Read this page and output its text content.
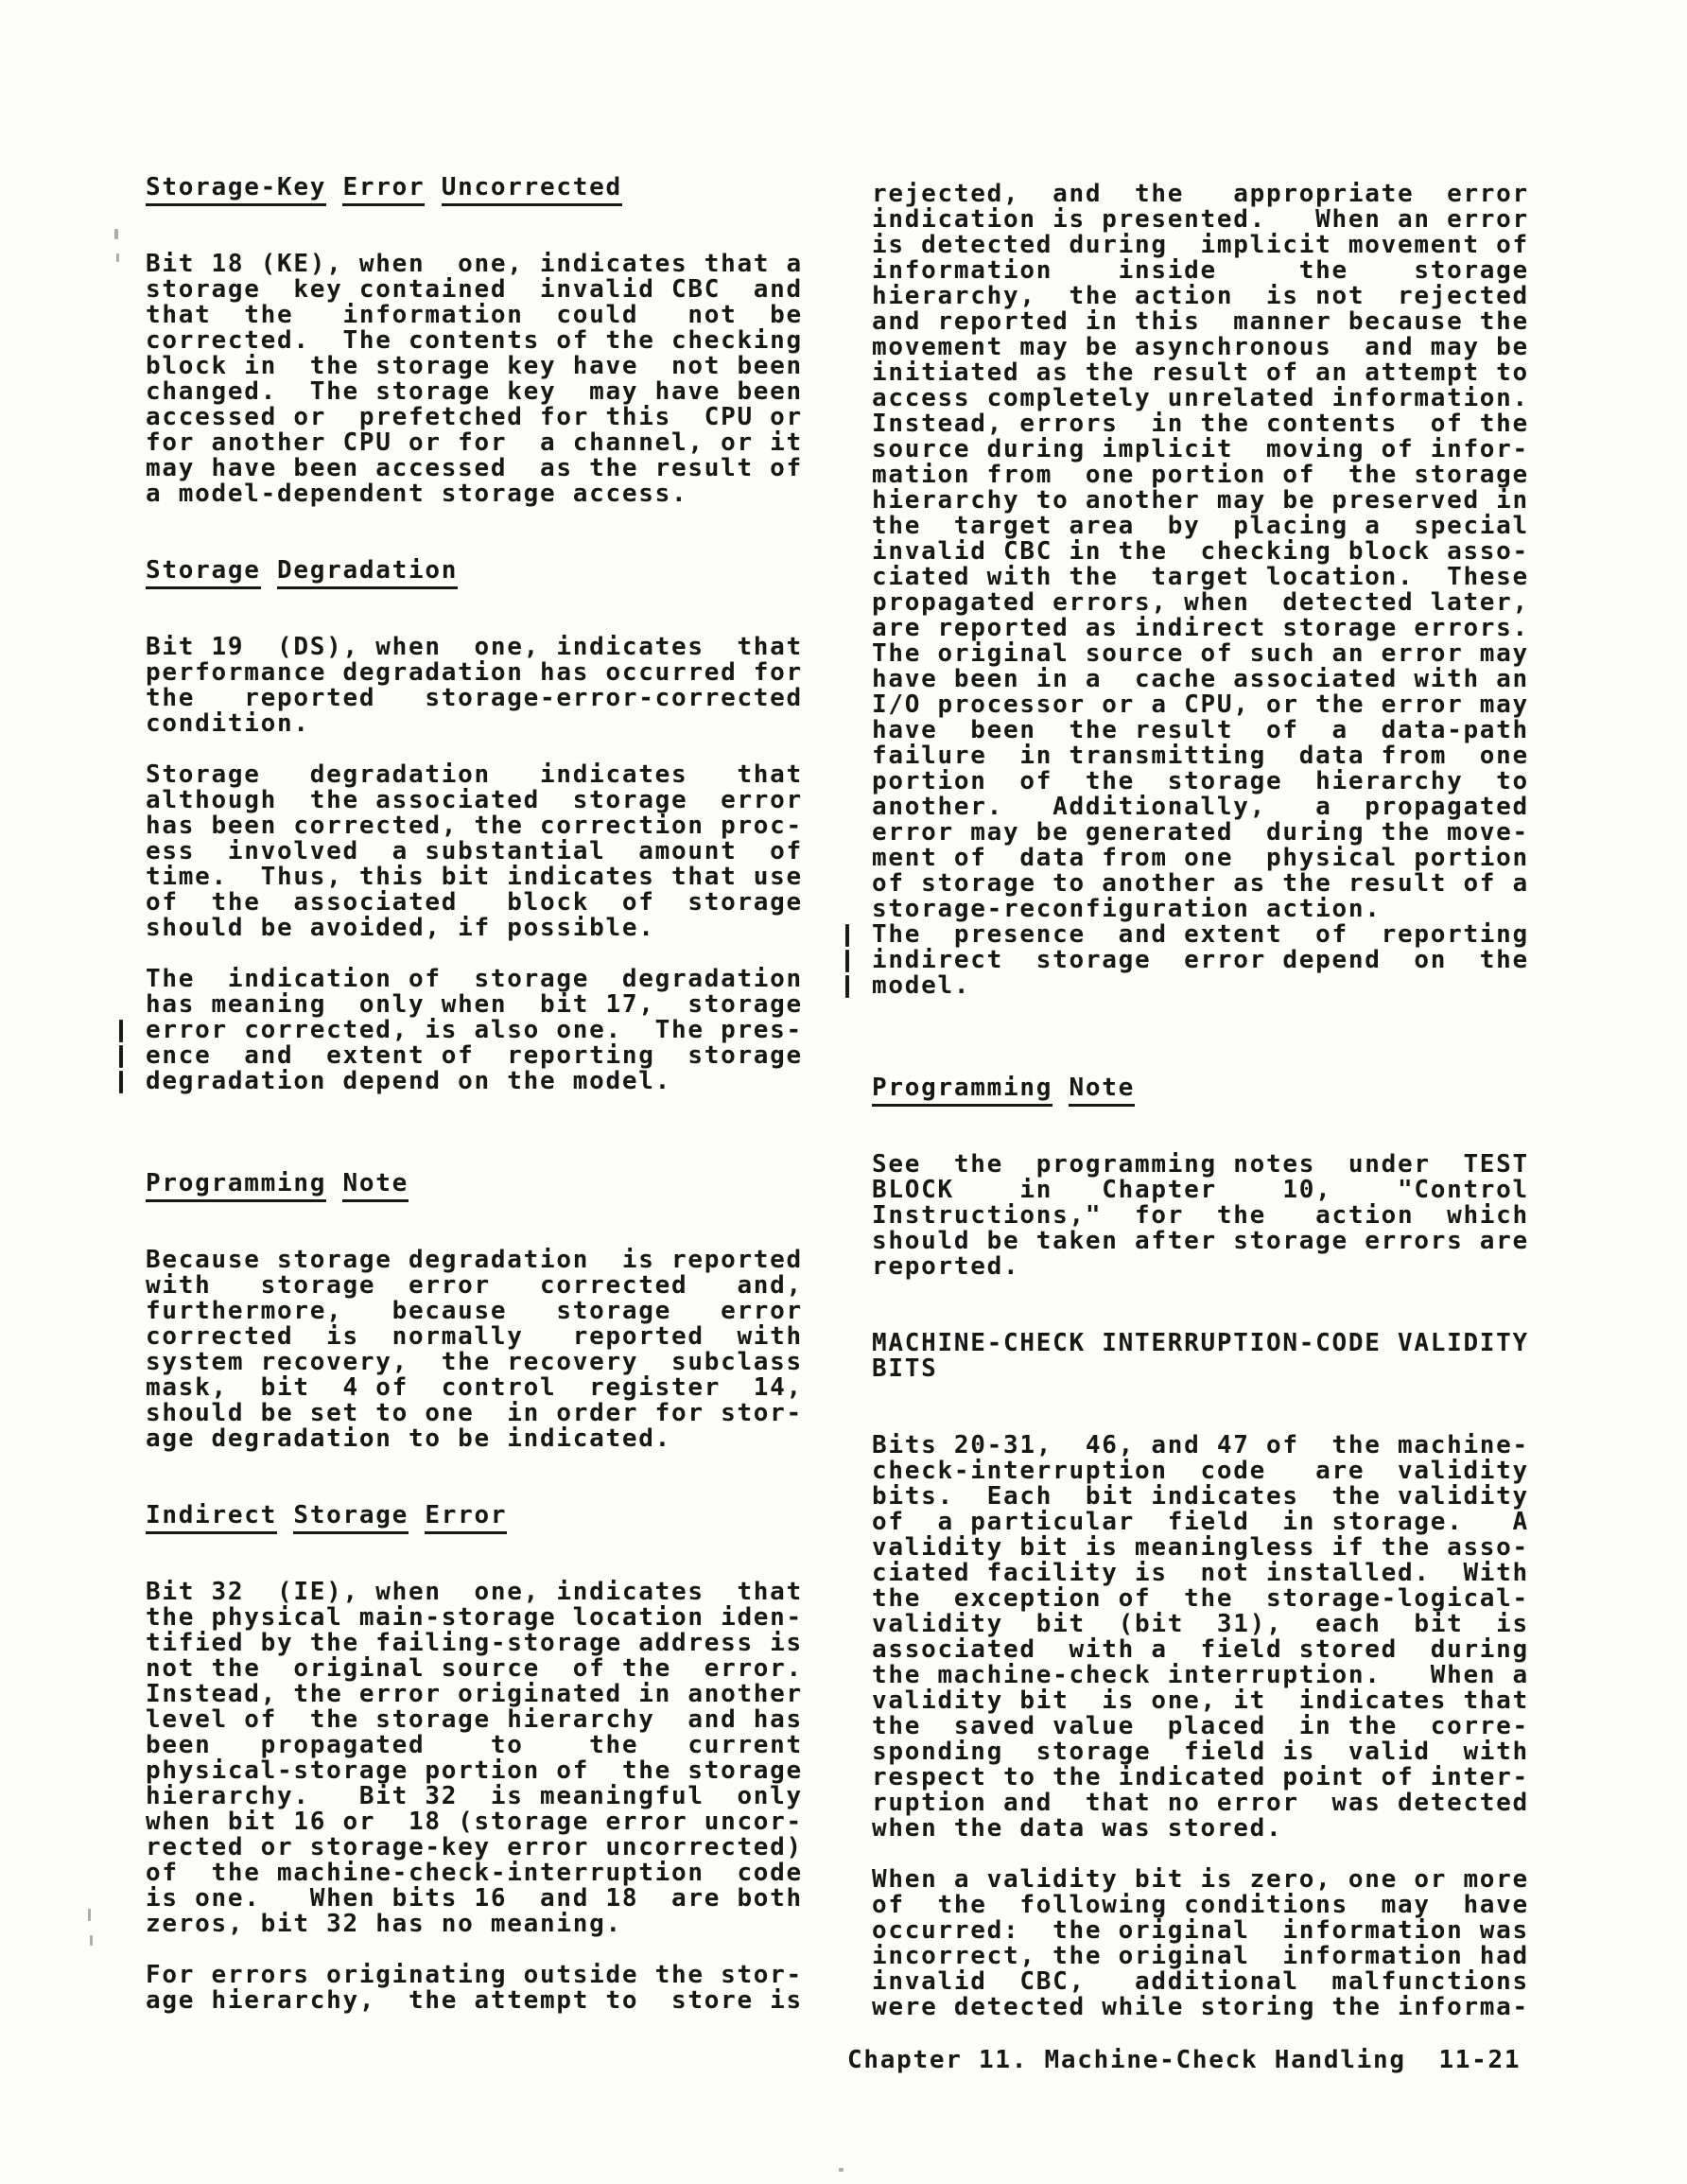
Storage-Key Error Uncorrected
Bit 18 (KE), when  one, indicates that a
storage  key contained  invalid CBC  and
that  the   information  could   not  be
corrected.  The contents of the checking
block in  the storage key have  not been
changed.  The storage key  may have been
accessed or  prefetched for this  CPU or
for another CPU or for  a channel, or it
may have been accessed  as the result of
a model-dependent storage access.
Storage Degradation
Bit 19  (DS), when  one, indicates  that
performance degradation has occurred for
the   reported   storage-error-corrected
condition.
Storage   degradation   indicates   that
although  the associated  storage  error
has been corrected, the correction proc-
ess  involved  a substantial  amount  of
time.  Thus, this bit indicates that use
of  the  associated   block  of  storage
should be avoided, if possible.
The  indication of  storage  degradation
has meaning  only when  bit 17,  storage
error corrected, is also one.  The pres-
ence  and  extent of  reporting  storage
degradation depend on the model.
Programming Note
Because storage degradation  is reported
with   storage  error   corrected   and,
furthermore,   because   storage   error
corrected  is  normally   reported  with
system recovery,  the recovery  subclass
mask,  bit  4 of  control  register  14,
should be set to one  in order for stor-
age degradation to be indicated.
Indirect Storage Error
Bit 32  (IE), when  one, indicates  that
the physical main-storage location iden-
tified by the failing-storage address is
not the  original source  of the  error.
Instead, the error originated in another
level of  the storage hierarchy  and has
been   propagated    to    the   current
physical-storage portion of  the storage
hierarchy.   Bit 32  is meaningful  only
when bit 16 or  18 (storage error uncor-
rected or storage-key error uncorrected)
of  the machine-check-interruption  code
is one.   When bits 16  and 18  are both
zeros, bit 32 has no meaning.
For errors originating outside the stor-
age hierarchy,  the attempt to  store is
rejected,  and  the   appropriate  error
indication is presented.   When an error
is detected during  implicit movement of
information    inside     the    storage
hierarchy,  the action  is not  rejected
and reported in this  manner because the
movement may be asynchronous  and may be
initiated as the result of an attempt to
access completely unrelated information.
Instead, errors  in the contents  of the
source during implicit  moving of infor-
mation from  one portion of  the storage
hierarchy to another may be preserved in
the  target area  by  placing a  special
invalid CBC in the  checking block asso-
ciated with the  target location.  These
propagated errors, when  detected later,
are reported as indirect storage errors.
The original source of such an error may
have been in a  cache associated with an
I/O processor or a CPU, or the error may
have  been  the result  of  a  data-path
failure  in transmitting  data from  one
portion  of  the  storage  hierarchy  to
another.   Additionally,   a  propagated
error may be generated  during the move-
ment of  data from one  physical portion
of storage to another as the result of a
storage-reconfiguration action.
The  presence  and extent  of  reporting
indirect  storage  error depend  on  the
model.
Programming Note
See  the  programming notes  under  TEST
BLOCK    in   Chapter    10,    "Control
Instructions,"  for  the   action  which
should be taken after storage errors are
reported.
MACHINE-CHECK INTERRUPTION-CODE VALIDITY
BITS
Bits 20-31,  46, and 47 of  the machine-
check-interruption  code   are  validity
bits.  Each  bit indicates  the validity
of  a particular  field  in storage.   A
validity bit is meaningless if the asso-
ciated facility is  not installed.  With
the  exception of  the  storage-logical-
validity  bit  (bit  31),  each  bit  is
associated  with a  field stored  during
the machine-check interruption.   When a
validity bit  is one, it  indicates that
the  saved value  placed  in the  corre-
sponding  storage  field is  valid  with
respect to the indicated point of inter-
ruption and  that no error  was detected
when the data was stored.
When a validity bit is zero, one or more
of  the  following conditions  may  have
occurred:  the original  information was
incorrect, the original  information had
invalid  CBC,   additional  malfunctions
were detected while storing the informa-
Chapter 11. Machine-Check Handling  11-21
